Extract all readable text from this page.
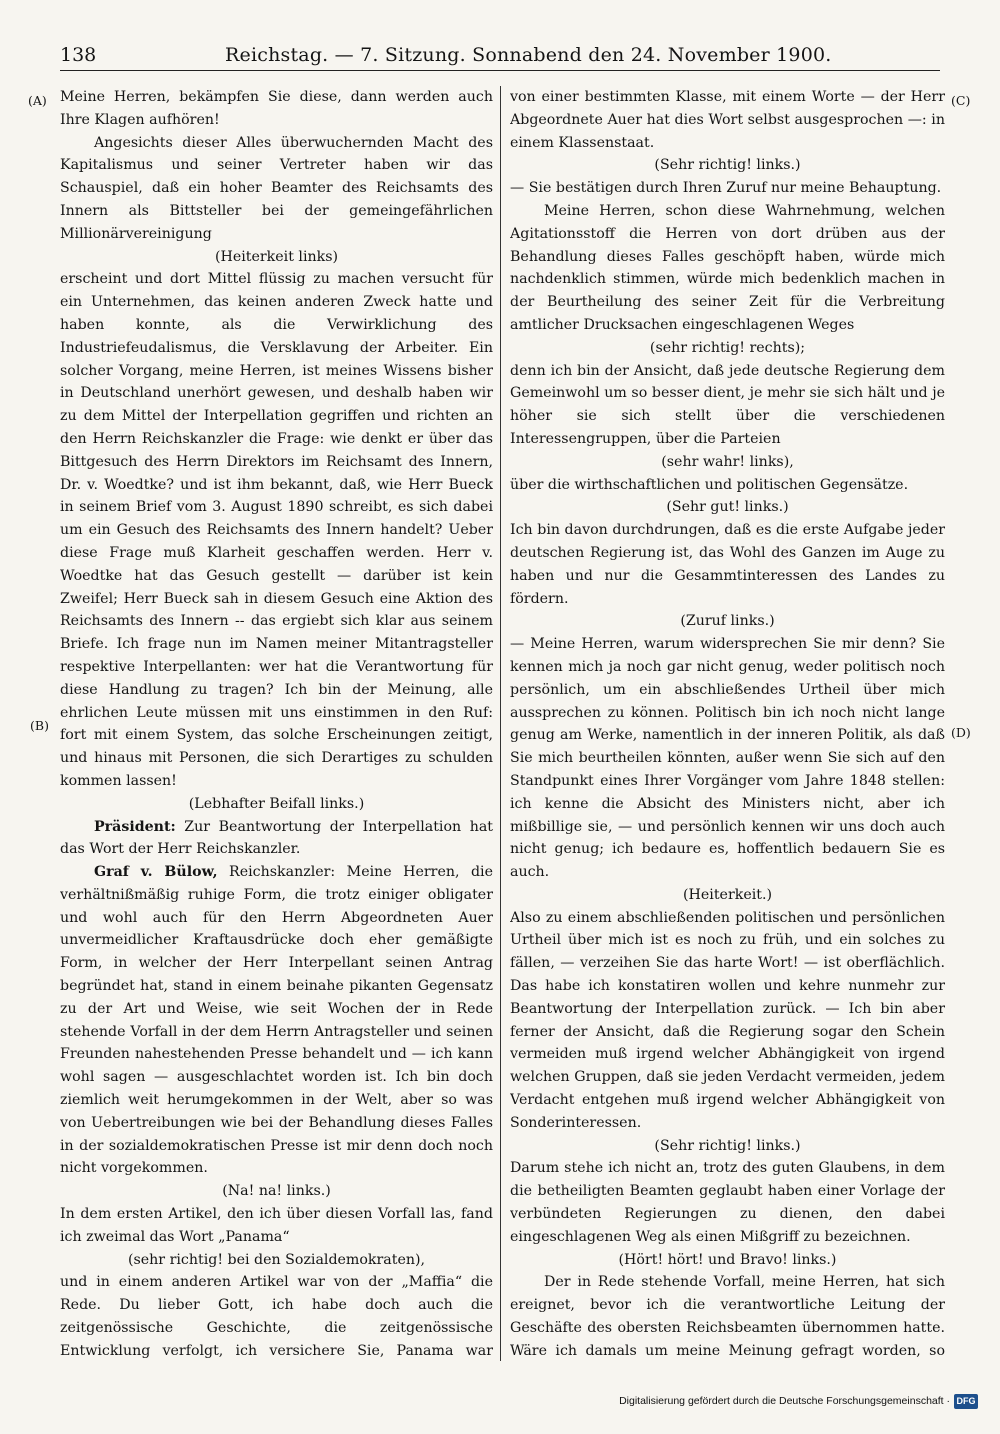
138	Reichstag. — 7. Sitzung. Sonnabend den 24. November 1900.
(A)
(B)
(C)
(D)

Meine Herren, bekämpfen Sie diese, dann werden auch Ihre Klagen aufhören!

Angesichts dieser Alles überwuchernden Macht des Kapitalismus und seiner Vertreter haben wir das Schauspiel, daß ein hoher Beamter des Reichsamts des Innern als Bittsteller bei der gemeingefährlichen Millionärvereinigung

(Heiterkeit links)

erscheint und dort Mittel flüssig zu machen versucht für ein Unternehmen, das keinen anderen Zweck hatte und haben konnte, als die Verwirklichung des Industriefeudalismus, die Versklavung der Arbeiter. Ein solcher Vorgang, meine Herren, ist meines Wissens bisher in Deutschland unerhört gewesen, und deshalb haben wir zu dem Mittel der Interpellation gegriffen und richten an den Herrn Reichskanzler die Frage: wie denkt er über das Bittgesuch des Herrn Direktors im Reichsamt des Innern, Dr. v. Woedtke? und ist ihm bekannt, daß, wie Herr Bueck in seinem Brief vom 3. August 1890 schreibt, es sich dabei um ein Gesuch des Reichsamts des Innern handelt? Ueber diese Frage muß Klarheit geschaffen werden. Herr v. Woedtke hat das Gesuch gestellt — darüber ist kein Zweifel; Herr Bueck sah in diesem Gesuch eine Aktion des Reichsamts des Innern -- das ergiebt sich klar aus seinem Briefe. Ich frage nun im Namen meiner Mitantragsteller respektive Interpellanten: wer hat die Verantwortung für diese Handlung zu tragen? Ich bin der Meinung, alle ehrlichen Leute müssen mit uns einstimmen in den Ruf: fort mit einem System, das solche Erscheinungen zeitigt, und hinaus mit Personen, die sich Derartiges zu schulden kommen lassen!

(Lebhafter Beifall links.)

Präsident: Zur Beantwortung der Interpellation hat das Wort der Herr Reichskanzler.

Graf v. Bülow, Reichskanzler: Meine Herren, die verhältnißmäßig ruhige Form, die trotz einiger obligater und wohl auch für den Herrn Abgeordneten Auer unvermeidlicher Kraftausdrücke doch eher gemäßigte Form, in welcher der Herr Interpellant seinen Antrag begründet hat, stand in einem beinahe pikanten Gegensatz zu der Art und Weise, wie seit Wochen der in Rede stehende Vorfall in der dem Herrn Antragsteller und seinen Freunden nahestehenden Presse behandelt und — ich kann wohl sagen — ausgeschlachtet worden ist. Ich bin doch ziemlich weit herumgekommen in der Welt, aber so was von Uebertreibungen wie bei der Behandlung dieses Falles in der sozialdemokratischen Presse ist mir denn doch noch nicht vorgekommen.

(Na! na! links.)

In dem ersten Artikel, den ich über diesen Vorfall las, fand ich zweimal das Wort „Panama“

(sehr richtig! bei den Sozialdemokraten),

und in einem anderen Artikel war von der „Maffia“ die Rede. Du lieber Gott, ich habe doch auch die zeitgenössische Geschichte, die zeitgenössische Entwicklung verfolgt, ich versichere Sie, Panama war

von einer bestimmten Klasse, mit einem Worte — der Herr Abgeordnete Auer hat dies Wort selbst ausgesprochen —: in einem Klassenstaat.

(Sehr richtig! links.)

— Sie bestätigen durch Ihren Zuruf nur meine Behauptung.

Meine Herren, schon diese Wahrnehmung, welchen Agitationsstoff die Herren von dort drüben aus der Behandlung dieses Falles geschöpft haben, würde mich nachdenklich stimmen, würde mich bedenklich machen in der Beurtheilung des seiner Zeit für die Verbreitung amtlicher Drucksachen eingeschlagenen Weges

(sehr richtig! rechts);

denn ich bin der Ansicht, daß jede deutsche Regierung dem Gemeinwohl um so besser dient, je mehr sie sich hält und je höher sie sich stellt über die verschiedenen Interessengruppen, über die Parteien

(sehr wahr! links),

über die wirthschaftlichen und politischen Gegensätze.

(Sehr gut! links.)

Ich bin davon durchdrungen, daß es die erste Aufgabe jeder deutschen Regierung ist, das Wohl des Ganzen im Auge zu haben und nur die Gesammtinteressen des Landes zu fördern.

(Zuruf links.)

— Meine Herren, warum widersprechen Sie mir denn? Sie kennen mich ja noch gar nicht genug, weder politisch noch persönlich, um ein abschließendes Urtheil über mich aussprechen zu können. Politisch bin ich noch nicht lange genug am Werke, namentlich in der inneren Politik, als daß Sie mich beurtheilen könnten, außer wenn Sie sich auf den Standpunkt eines Ihrer Vorgänger vom Jahre 1848 stellen: ich kenne die Absicht des Ministers nicht, aber ich mißbillige sie, — und persönlich kennen wir uns doch auch nicht genug; ich bedaure es, hoffentlich bedauern Sie es auch.

(Heiterkeit.)

Also zu einem abschließenden politischen und persönlichen Urtheil über mich ist es noch zu früh, und ein solches zu fällen, — verzeihen Sie das harte Wort! — ist oberflächlich. Das habe ich konstatiren wollen und kehre nunmehr zur Beantwortung der Interpellation zurück. — Ich bin aber ferner der Ansicht, daß die Regierung sogar den Schein vermeiden muß irgend welcher Abhängigkeit von irgend welchen Gruppen, daß sie jeden Verdacht vermeiden, jedem Verdacht entgehen muß irgend welcher Abhängigkeit von Sonderinteressen.

(Sehr richtig! links.)

Darum stehe ich nicht an, trotz des guten Glaubens, in dem die betheiligten Beamten geglaubt haben einer Vorlage der verbündeten Regierungen zu dienen, den dabei eingeschlagenen Weg als einen Mißgriff zu bezeichnen.

(Hört! hört! und Bravo! links.)

Der in Rede stehende Vorfall, meine Herren, hat sich ereignet, bevor ich die verantwortliche Leitung der Geschäfte des obersten Reichsbeamten übernommen hatte. Wäre ich damals um meine Meinung gefragt worden, so

Digitalisierung gefördert durch die Deutsche Forschungsgemeinschaft · DFG
